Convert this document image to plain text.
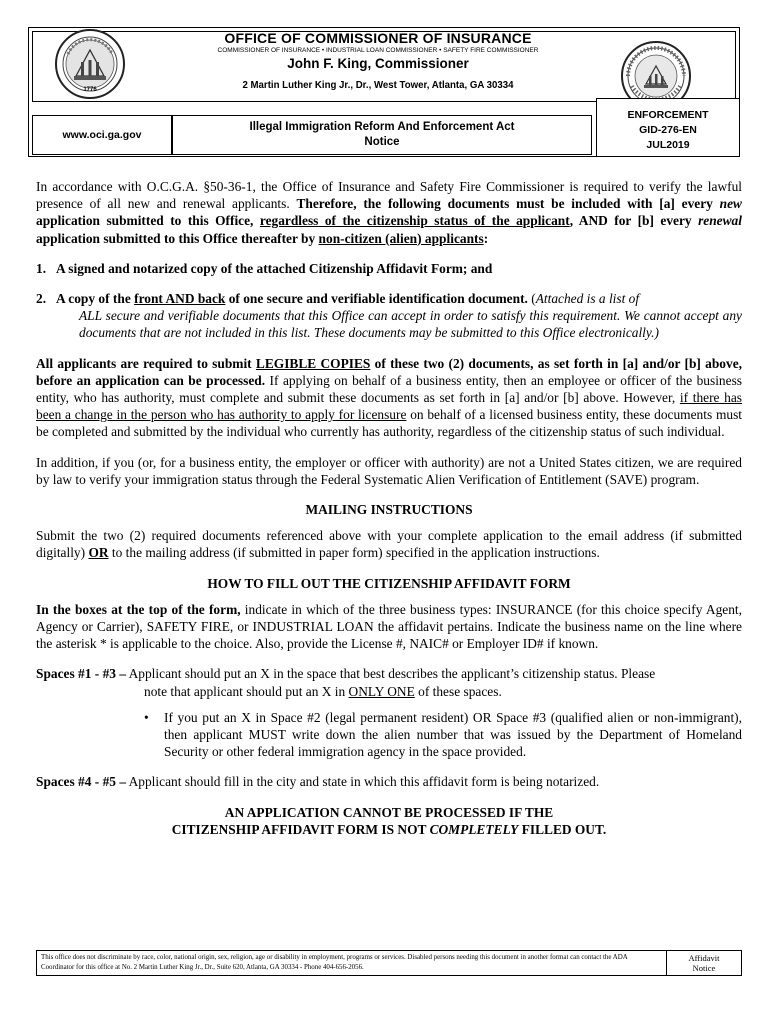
1776
OFFICE OF COMMISSIONER OF INSURANCE
COMMISSIONER OF INSURANCE • INDUSTRIAL LOAN COMMISSIONER • SAFETY FIRE COMMISSIONER
John F. King, Commissioner
2 Martin Luther King Jr., Dr., West Tower, Atlanta, GA 30334
www.oci.ga.gov
Illegal Immigration Reform And Enforcement Act
Notice
ENFORCEMENT
GID-276-EN
JUL2019

In accordance with O.C.G.A. §50-36-1, the Office of Insurance and Safety Fire Commissioner is required to verify the lawful presence of all new and renewal applicants. Therefore, the following documents must be included with [a] every new application submitted to this Office, regardless of the citizenship status of the applicant, AND for [b] every renewal application submitted to this Office thereafter by non-citizen (alien) applicants:

1. A signed and notarized copy of the attached Citizenship Affidavit Form; and

2. A copy of the front AND back of one secure and verifiable identification document. (Attached is a list of

ALL secure and verifiable documents that this Office can accept in order to satisfy this requirement. We cannot accept any documents that are not included in this list. These documents may be submitted to this Office electronically.)

All applicants are required to submit LEGIBLE COPIES of these two (2) documents, as set forth in [a] and/or [b] above, before an application can be processed. If applying on behalf of a business entity, then an employee or officer of the business entity, who has authority, must complete and submit these documents as set forth in [a] and/or [b] above. However, if there has been a change in the person who has authority to apply for licensure on behalf of a licensed business entity, these documents must be completed and submitted by the individual who currently has authority, regardless of the citizenship status of such individual.

In addition, if you (or, for a business entity, the employer or officer with authority) are not a United States citizen, we are required by law to verify your immigration status through the Federal Systematic Alien Verification of Entitlement (SAVE) program.

MAILING INSTRUCTIONS

Submit the two (2) required documents referenced above with your complete application to the email address (if submitted digitally) OR to the mailing address (if submitted in paper form) specified in the application instructions.

HOW TO FILL OUT THE CITIZENSHIP AFFIDAVIT FORM

In the boxes at the top of the form, indicate in which of the three business types: INSURANCE (for this choice specify Agent, Agency or Carrier), SAFETY FIRE, or INDUSTRIAL LOAN the affidavit pertains. Indicate the business name on the line where the asterisk * is applicable to the choice. Also, provide the License #, NAIC# or Employer ID# if known.

Spaces #1 - #3 – Applicant should put an X in the space that best describes the applicant’s citizenship status. Please

note that applicant should put an X in ONLY ONE of these spaces.

•	If you put an X in Space #2 (legal permanent resident) OR Space #3 (qualified alien or non-immigrant), then applicant MUST write down the alien number that was issued by the Department of Homeland Security or other federal immigration agency in the space provided.

Spaces #4 - #5 – Applicant should fill in the city and state in which this affidavit form is being notarized.

AN APPLICATION CANNOT BE PROCESSED IF THE

CITIZENSHIP AFFIDAVIT FORM IS NOT COMPLETELY FILLED OUT.

This office does not discriminate by race, color, national origin, sex, religion, age or disability in employment, programs or services. Disabled persons needing this document in another format can contact the ADA Coordinator for this office at No. 2 Martin Luther King Jr., Dr., Suite 620, Atlanta, GA 30334 - Phone 404-656-2056.
Affidavit
Notice
